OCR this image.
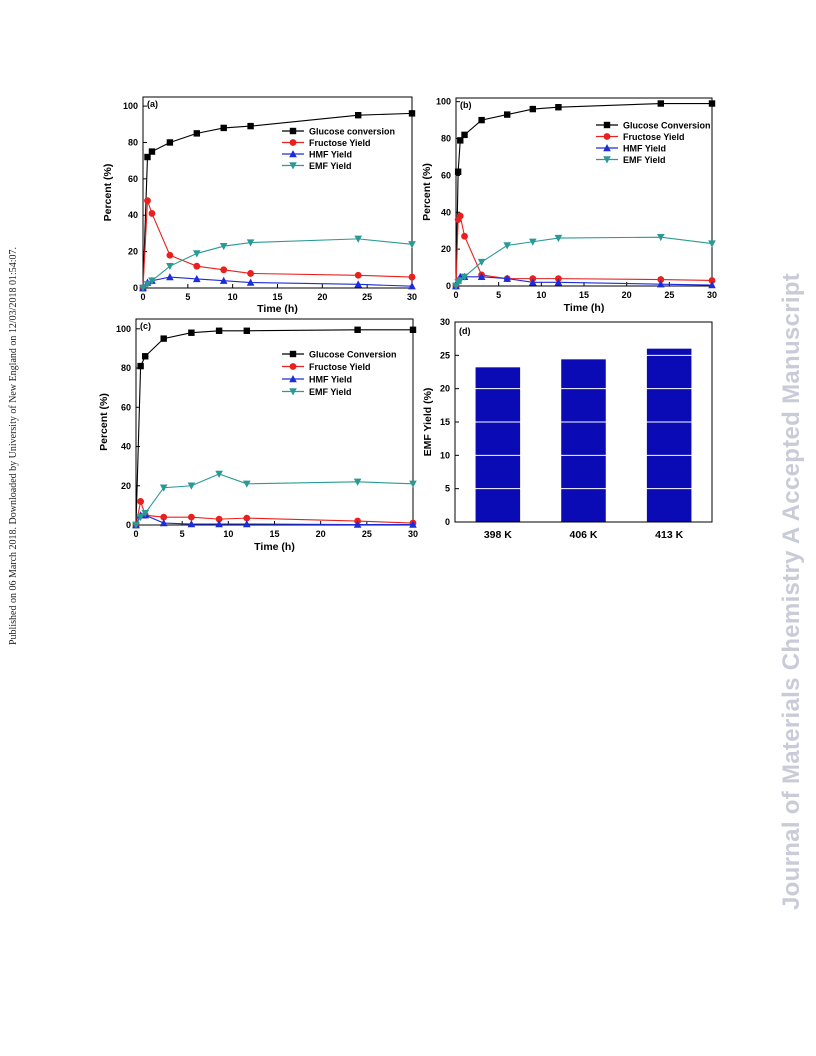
Published on 06 March 2018. Downloaded by University of New England on 12/03/2018 01:54:07.	Journal of Materials Chemistry A Accepted Manuscript
0	5	10	15	20	25	30
0
20
40
60
80
100
Time (h)
Percent (%)
(a)
Glucose conversion
Fructose Yield
HMF Yield
EMF Yield
0	5	10	15	20	25	30
0
20
40
60
80
100
Time (h)
Percent (%)
(b)
Glucose Conversion
Fructose Yield
HMF Yield
EMF Yield
0	5	10	15	20	25	30
0
20
40
60
80
100
Time (h)
Percent (%)
(c)
Glucose Conversion
Fructose Yield
HMF Yield
EMF Yield
398 K	406 K	413 K
0
5
10
15
20
25
30
EMF Yield (%)
(d)
